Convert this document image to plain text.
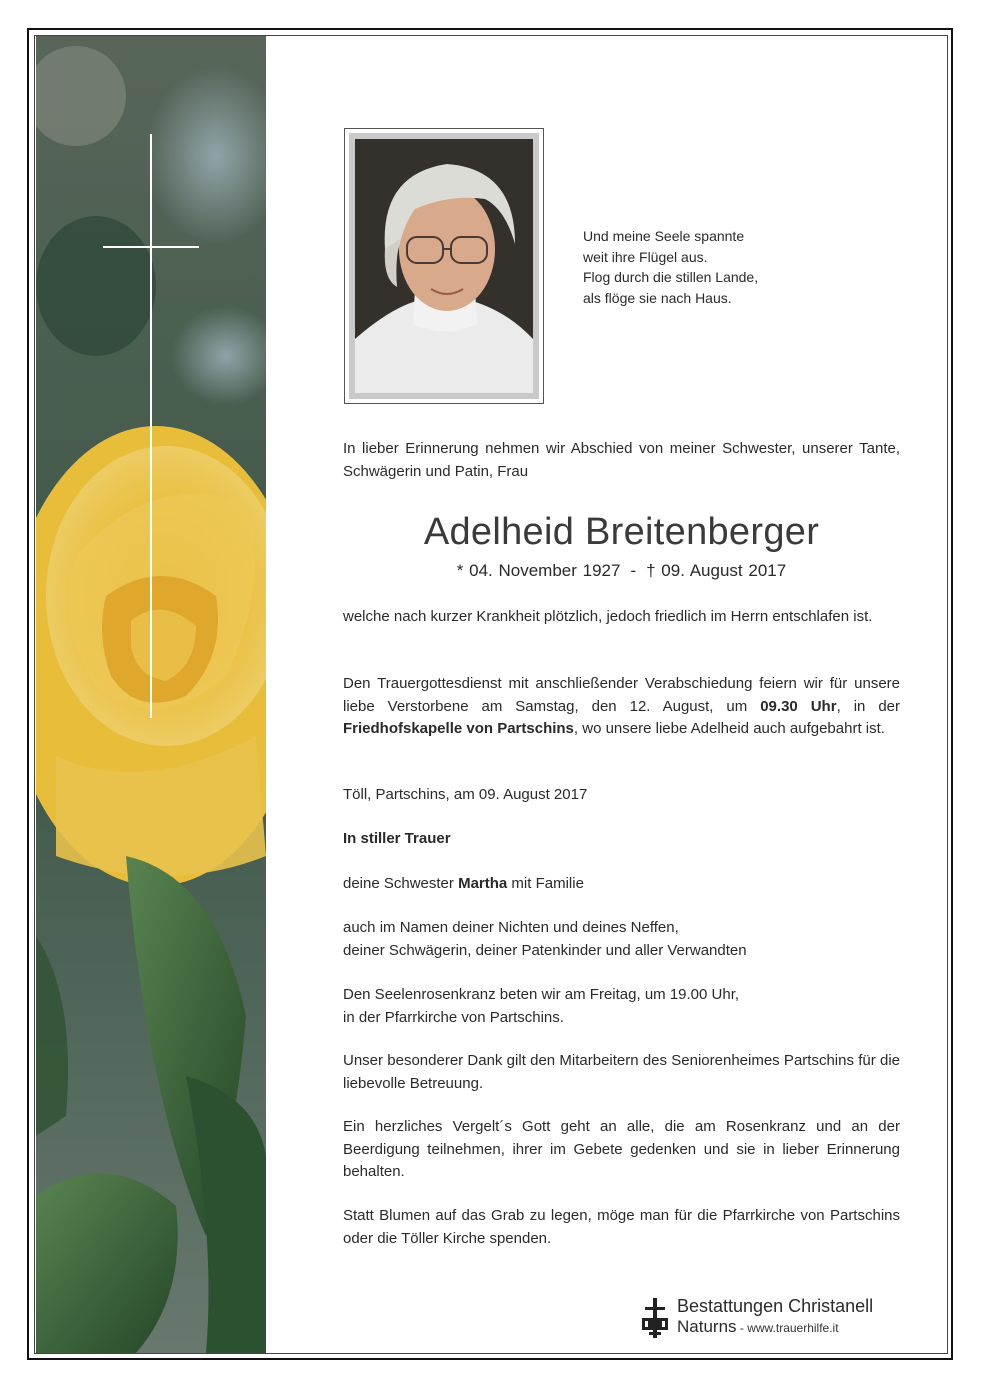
Und meine Seele spannte
weit ihre Flügel aus.
Flog durch die stillen Lande,
als flöge sie nach Haus.
In lieber Erinnerung nehmen wir Abschied von meiner Schwester, unserer Tante, Schwägerin und Patin, Frau
Adelheid Breitenberger
* 04. November 1927 - † 09. August 2017
welche nach kurzer Krankheit plötzlich, jedoch friedlich im Herrn entschlafen ist.
Den Trauergottesdienst mit anschließender Verabschiedung feiern wir für unsere liebe Verstorbene am Samstag, den 12. August, um 09.30 Uhr, in der Friedhofskapelle von Partschins, wo unsere liebe Adelheid auch aufgebahrt ist.
Töll, Partschins, am 09. August 2017
In stiller Trauer
deine Schwester Martha mit Familie
auch im Namen deiner Nichten und deines Neffen,
deiner Schwägerin, deiner Patenkinder und aller Verwandten
Den Seelenrosenkranz beten wir am Freitag, um 19.00 Uhr,
in der Pfarrkirche von Partschins.
Unser besonderer Dank gilt den Mitarbeitern des Seniorenheimes Partschins für die liebevolle Betreuung.
Ein herzliches Vergelt´s Gott geht an alle, die am Rosenkranz und an der Beerdigung teilnehmen, ihrer im Gebete gedenken und sie in lieber Erinnerung behalten.
Statt Blumen auf das Grab zu legen, möge man für die Pfarrkirche von Partschins oder die Töller Kirche spenden.
Bestattungen Christanell
Naturns - www.trauerhilfe.it
